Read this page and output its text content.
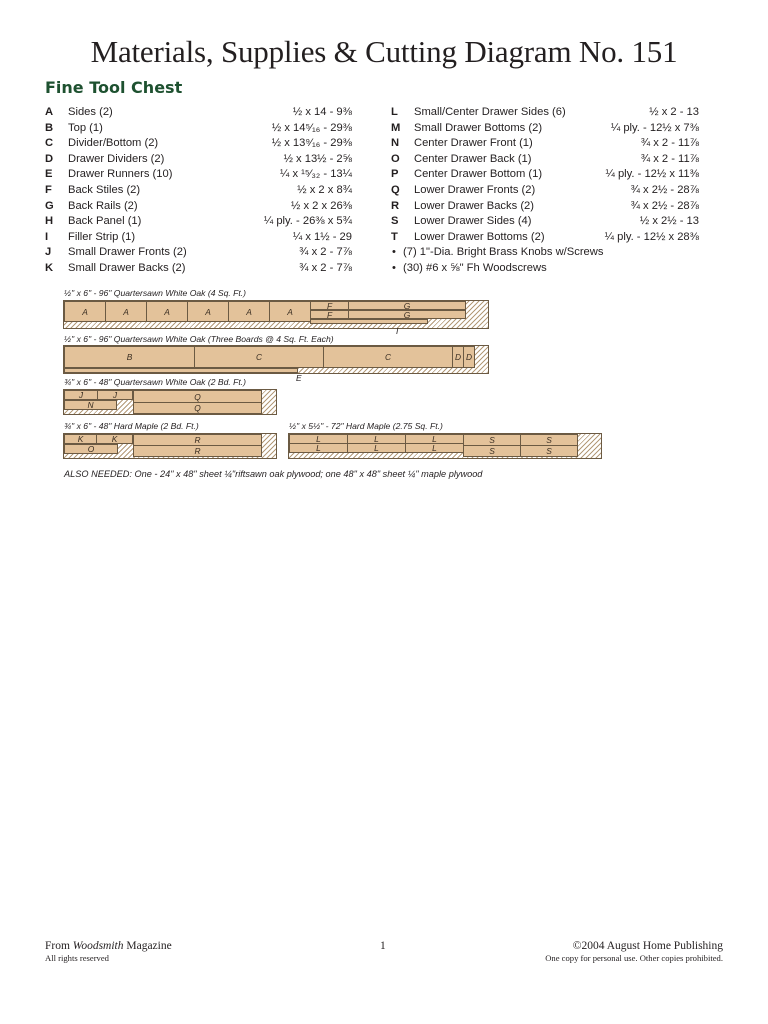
Materials, Supplies & Cutting Diagram No. 151
Fine Tool Chest
A Sides (2)	½ x 14 - 9⅜
B Top (1)	½ x 14⁵⁄₁₆ - 29⅜
C Divider/Bottom (2)	½ x 13⁹⁄₁₆ - 29⅜
D Drawer Dividers (2)	½ x 13½ - 2⅝
E Drawer Runners (10)	¼ x ¹⁵⁄₃₂ - 13¼
F Back Stiles (2)	½ x 2 x 8¾
G Back Rails (2)	½ x 2 x 26⅜
H Back Panel (1)	¼ ply. - 26⅜ x 5¾
I Filler Strip (1)	¼ x 1½ - 29
J Small Drawer Fronts (2)	¾ x 2 - 7⅞
K Small Drawer Backs (2)	¾ x 2 - 7⅞
L Small/Center Drawer Sides (6)	½ x 2 - 13
M Small Drawer Bottoms (2)	¼ ply. - 12½ x 7⅜
N Center Drawer Front (1)	¾ x 2 - 11⅞
O Center Drawer Back (1)	¾ x 2 - 11⅞
P Center Drawer Bottom (1)	¼ ply. - 12½ x 11⅜
Q Lower Drawer Fronts (2)	¾ x 2½ - 28⅞
R Lower Drawer Backs (2)	¾ x 2½ - 28⅞
S Lower Drawer Sides (4)	½ x 2½ - 13
T Lower Drawer Bottoms (2)	¼ ply. - 12½ x 28⅜
• (7) 1"-Dia. Bright Brass Knobs w/Screws
• (30) #6 x ⅝" Fh Woodscrews
½" x 6" - 96" Quartersawn White Oak (4 Sq. Ft.)
A	A	A	A	A	A
F
F
G
G
I
½" x 6" - 96" Quartersawn White Oak (Three Boards @ 4 Sq. Ft. Each)
B	C	C	D D
E
¾" x 6" - 48" Quartersawn White Oak (2 Bd. Ft.)
J	J
N
Q
Q
¾" x 6" - 48" Hard Maple (2 Bd. Ft.)
K	K
O
R
R
½" x 5½" - 72" Hard Maple (2.75 Sq. Ft.)
L	L	L
L	L	L
S	S
S	S
ALSO NEEDED: One - 24" x 48" sheet ¼"riftsawn oak plywood; one 48" x 48" sheet ¼" maple plywood
From Woodsmith Magazine
All rights reserved
1	©2004 August Home Publishing
One copy for personal use. Other copies prohibited.
